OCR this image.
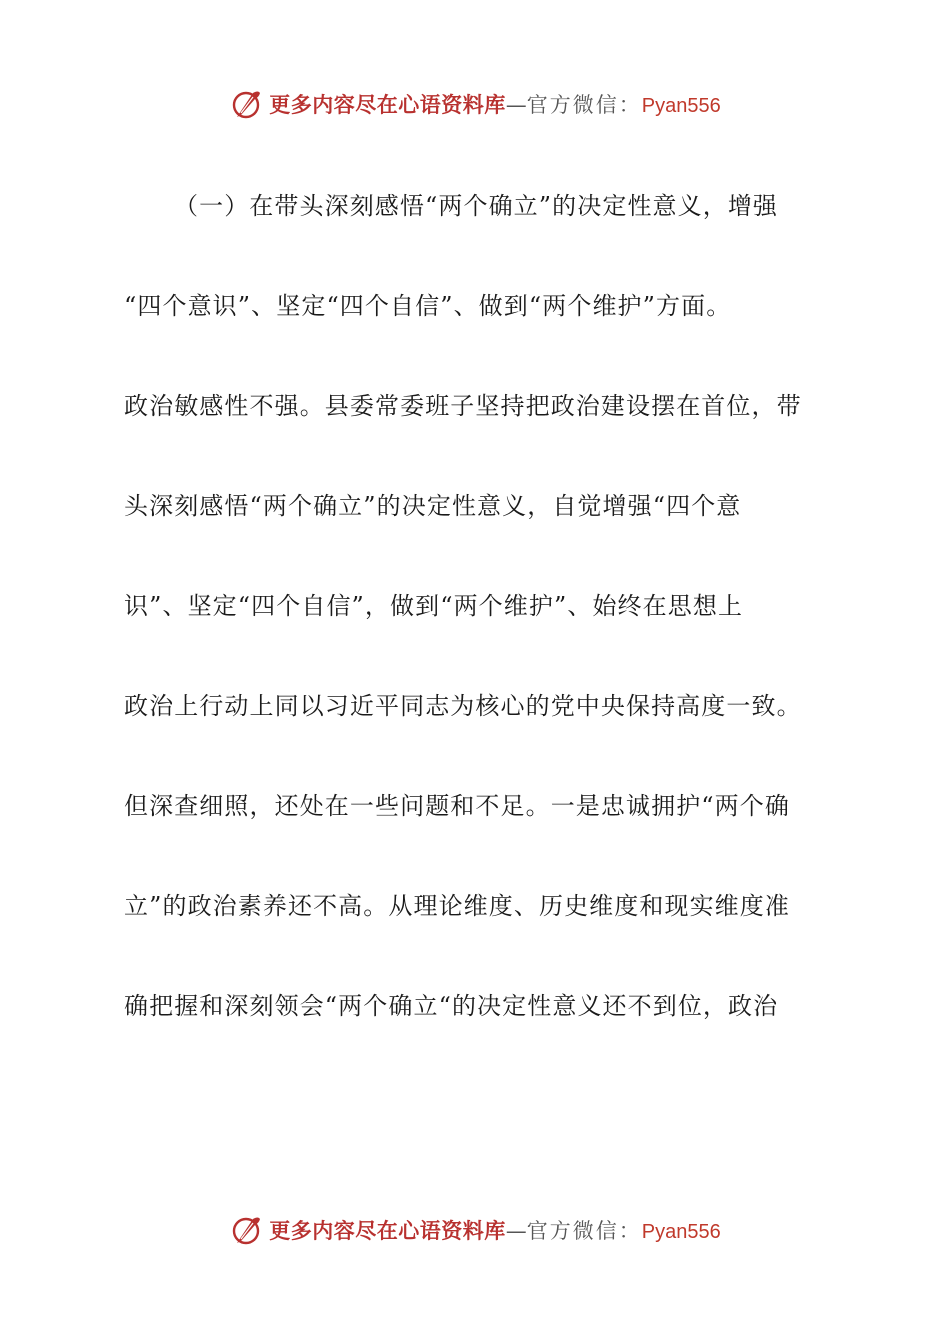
更多内容尽在心语资料库 — 官方微信： Pyan556
（一）在带头深刻感悟“两个确立”的决定性意义，增强
“四个意识”、坚定“四个自信”、做到“两个维护”方面。
政治敏感性不强。县委常委班子坚持把政治建设摆在首位，带
头深刻感悟“两个确立”的决定性意义，自觉增强“四个意
识”、坚定“四个自信”，做到“两个维护”、始终在思想上
政治上行动上同以习近平同志为核心的党中央保持高度一致。
但深查细照，还处在一些问题和不足。一是忠诚拥护“两个确
立”的政治素养还不高。从理论维度、历史维度和现实维度准
确把握和深刻领会“两个确立“的决定性意义还不到位，政治
更多内容尽在心语资料库 — 官方微信： Pyan556
